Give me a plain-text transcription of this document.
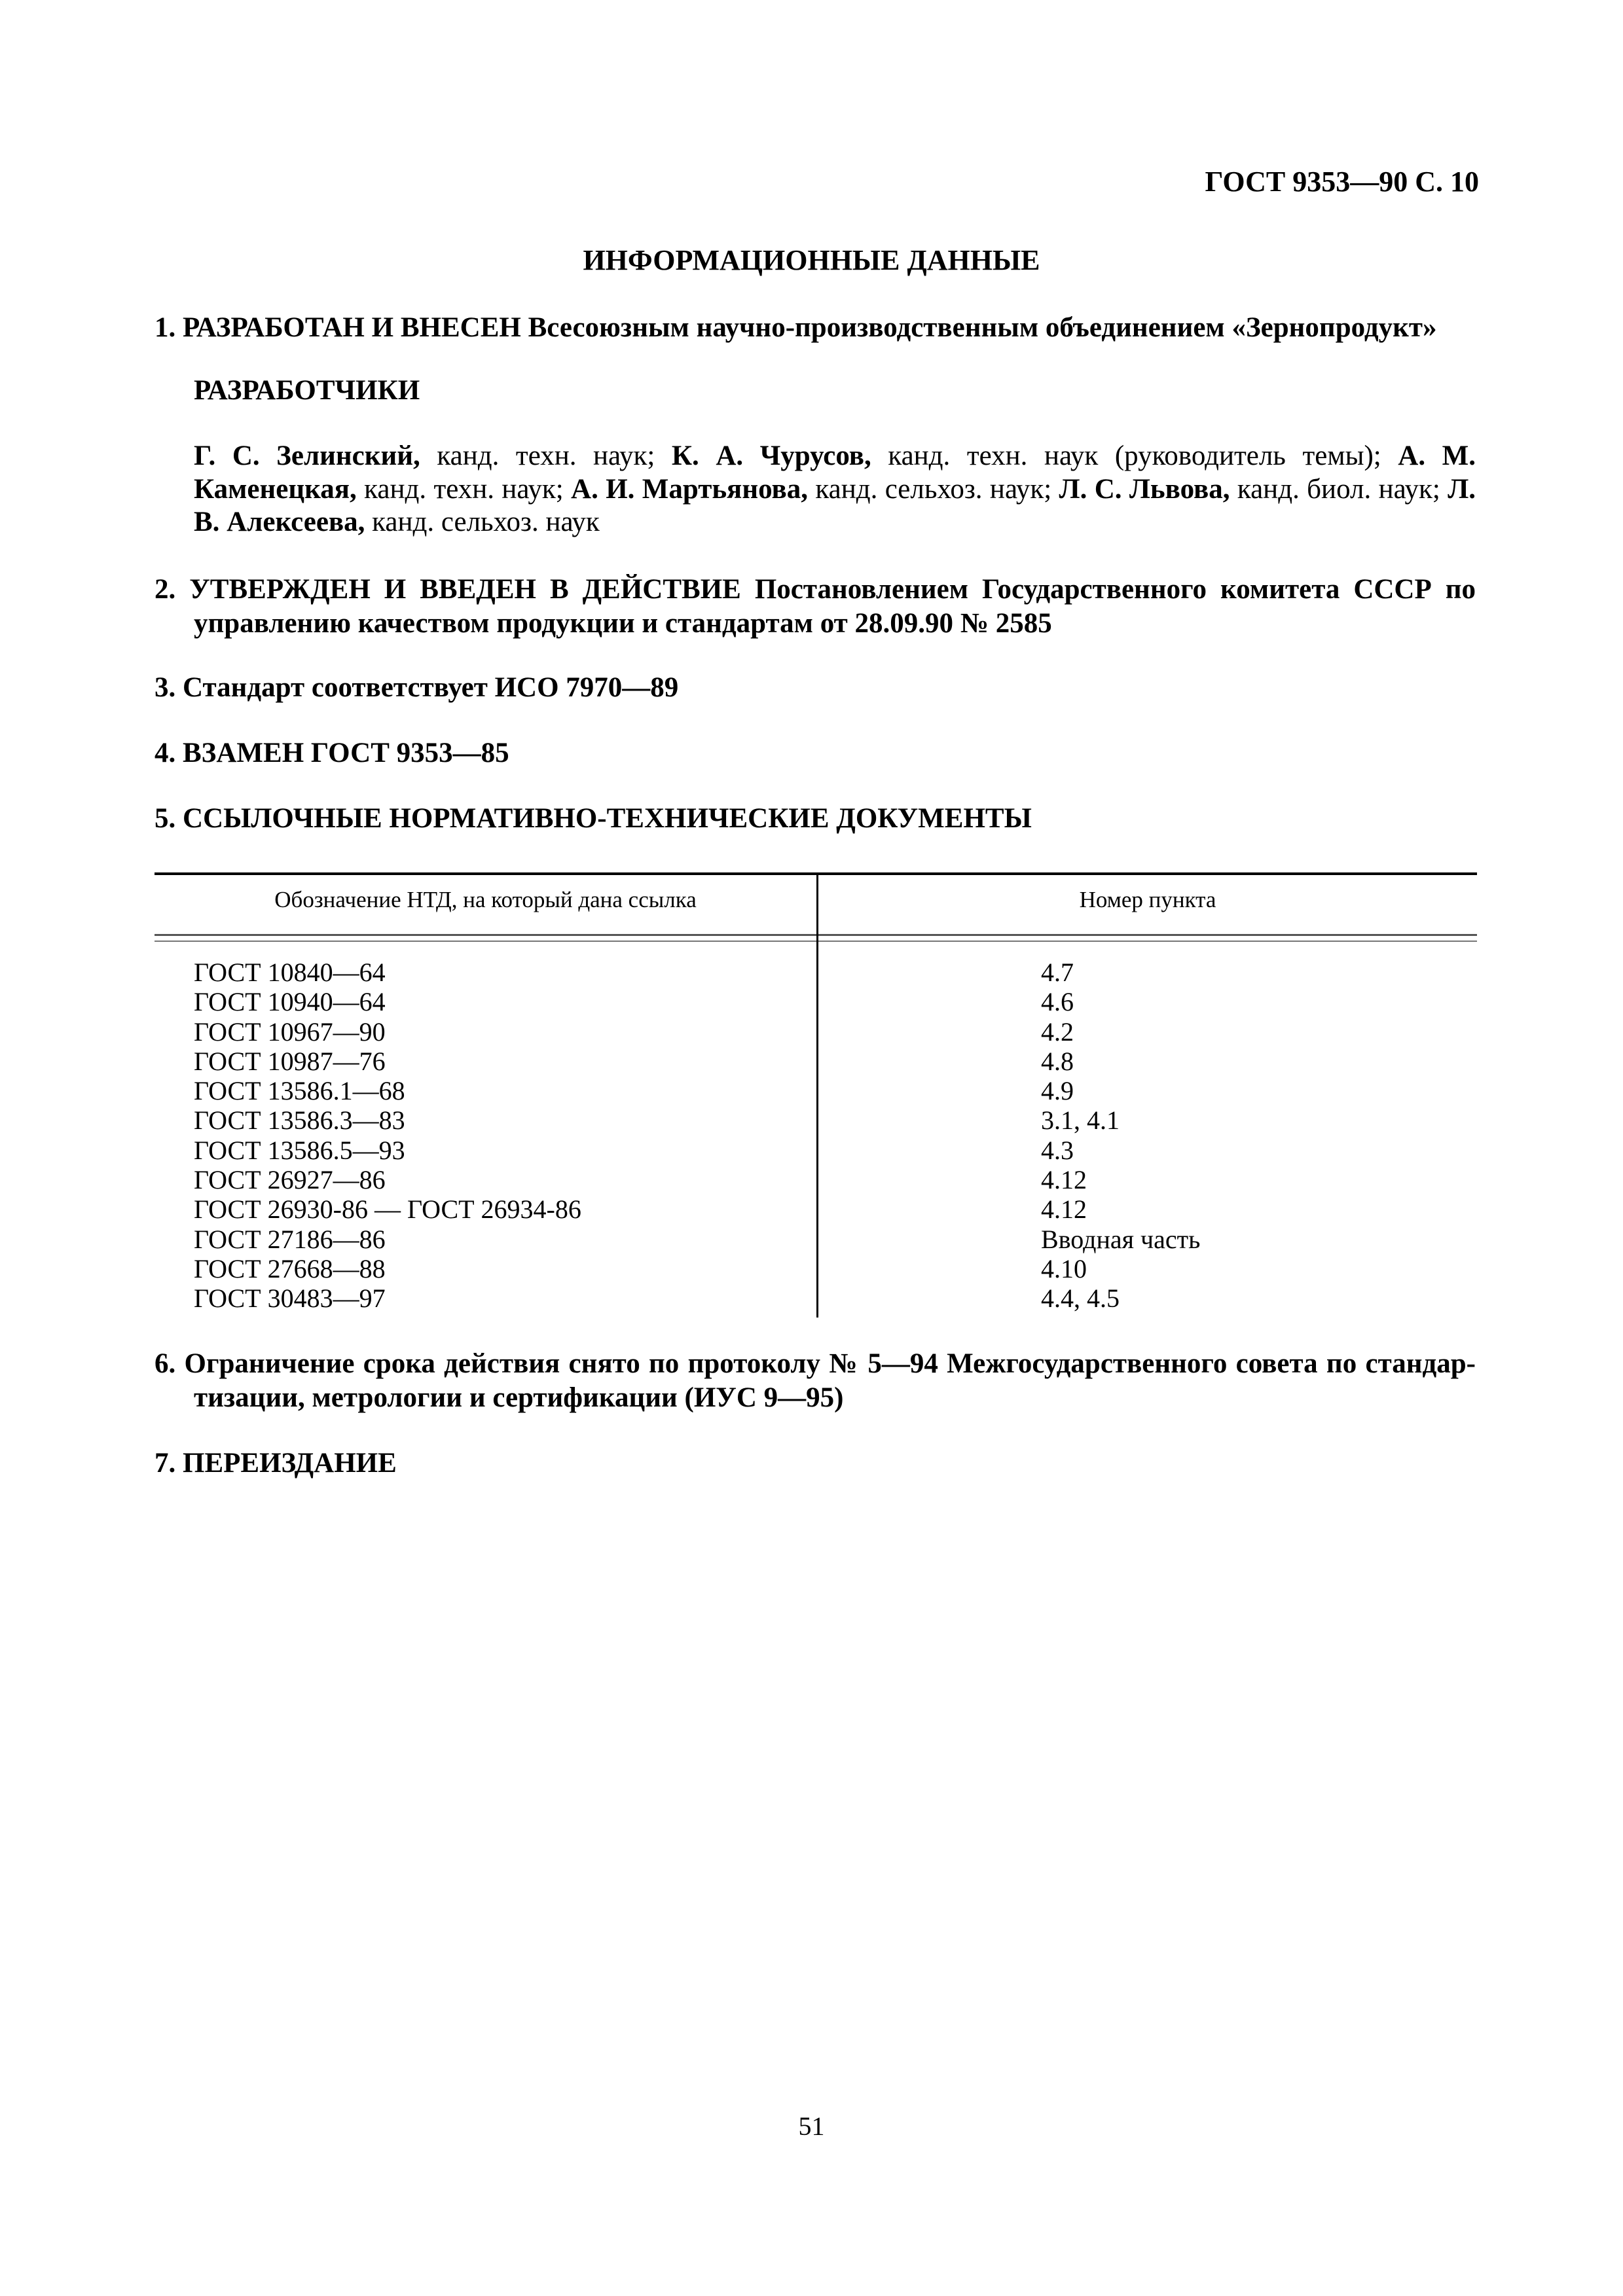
ГОСТ 9353—90 С. 10
ИНФОРМАЦИОННЫЕ ДАННЫЕ
1. РАЗРАБОТАН И ВНЕСЕН Всесоюзным научно-производственным объединением «Зернопродукт»
РАЗРАБОТЧИКИ
Г. С. Зелинский, канд. техн. наук; К. А. Чурусов, канд. техн. наук (руководитель темы); А. М. Каменецкая, канд. техн. наук; А. И. Мартьянова, канд. сельхоз. наук; Л. С. Львова, канд. биол. наук; Л. В. Алексеева, канд. сельхоз. наук
2. УТВЕРЖДЕН И ВВЕДЕН В ДЕЙСТВИЕ Постановлением Государственного комитета СССР по управлению качеством продукции и стандартам от 28.09.90 № 2585
3. Стандарт соответствует ИСО 7970—89
4. ВЗАМЕН ГОСТ 9353—85
5. ССЫЛОЧНЫЕ НОРМАТИВНО-ТЕХНИЧЕСКИЕ ДОКУМЕНТЫ
Обозначение НТД, на который дана ссылка	Номер пункта
ГОСТ 10840—64	4.7
ГОСТ 10940—64	4.6
ГОСТ 10967—90	4.2
ГОСТ 10987—76	4.8
ГОСТ 13586.1—68	4.9
ГОСТ 13586.3—83	3.1, 4.1
ГОСТ 13586.5—93	4.3
ГОСТ 26927—86	4.12
ГОСТ 26930-86 — ГОСТ 26934-86	4.12
ГОСТ 27186—86	Вводная часть
ГОСТ 27668—88	4.10
ГОСТ 30483—97	4.4, 4.5
6. Ограничение срока действия снято по протоколу № 5—94 Межгосударственного совета по стандартизации, метрологии и сертификации (ИУС 9—95)
7. ПЕРЕИЗДАНИЕ
51
